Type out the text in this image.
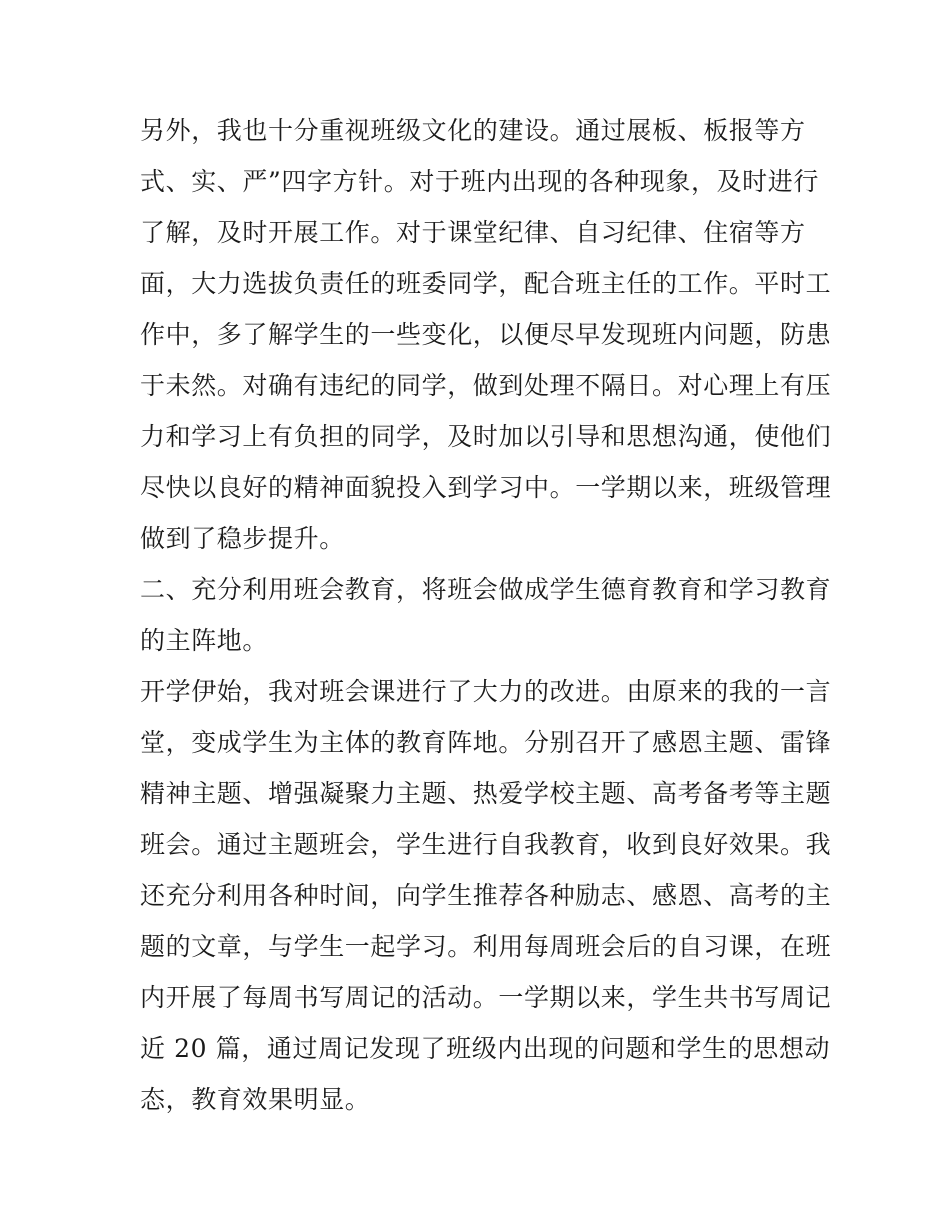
另外，我也十分重视班级文化的建设。通过展板、板报等方
式、实、严”四字方针。对于班内出现的各种现象，及时进行
了解，及时开展工作。对于课堂纪律、自习纪律、住宿等方
面，大力选拔负责任的班委同学，配合班主任的工作。平时工
作中，多了解学生的一些变化，以便尽早发现班内问题，防患
于未然。对确有违纪的同学，做到处理不隔日。对心理上有压
力和学习上有负担的同学，及时加以引导和思想沟通，使他们
尽快以良好的精神面貌投入到学习中。一学期以来，班级管理
做到了稳步提升。
二、充分利用班会教育，将班会做成学生德育教育和学习教育
的主阵地。
开学伊始，我对班会课进行了大力的改进。由原来的我的一言
堂，变成学生为主体的教育阵地。分别召开了感恩主题、雷锋
精神主题、增强凝聚力主题、热爱学校主题、高考备考等主题
班会。通过主题班会，学生进行自我教育，收到良好效果。我
还充分利用各种时间，向学生推荐各种励志、感恩、高考的主
题的文章，与学生一起学习。利用每周班会后的自习课，在班
内开展了每周书写周记的活动。一学期以来，学生共书写周记
近 20 篇，通过周记发现了班级内出现的问题和学生的思想动
态，教育效果明显。
